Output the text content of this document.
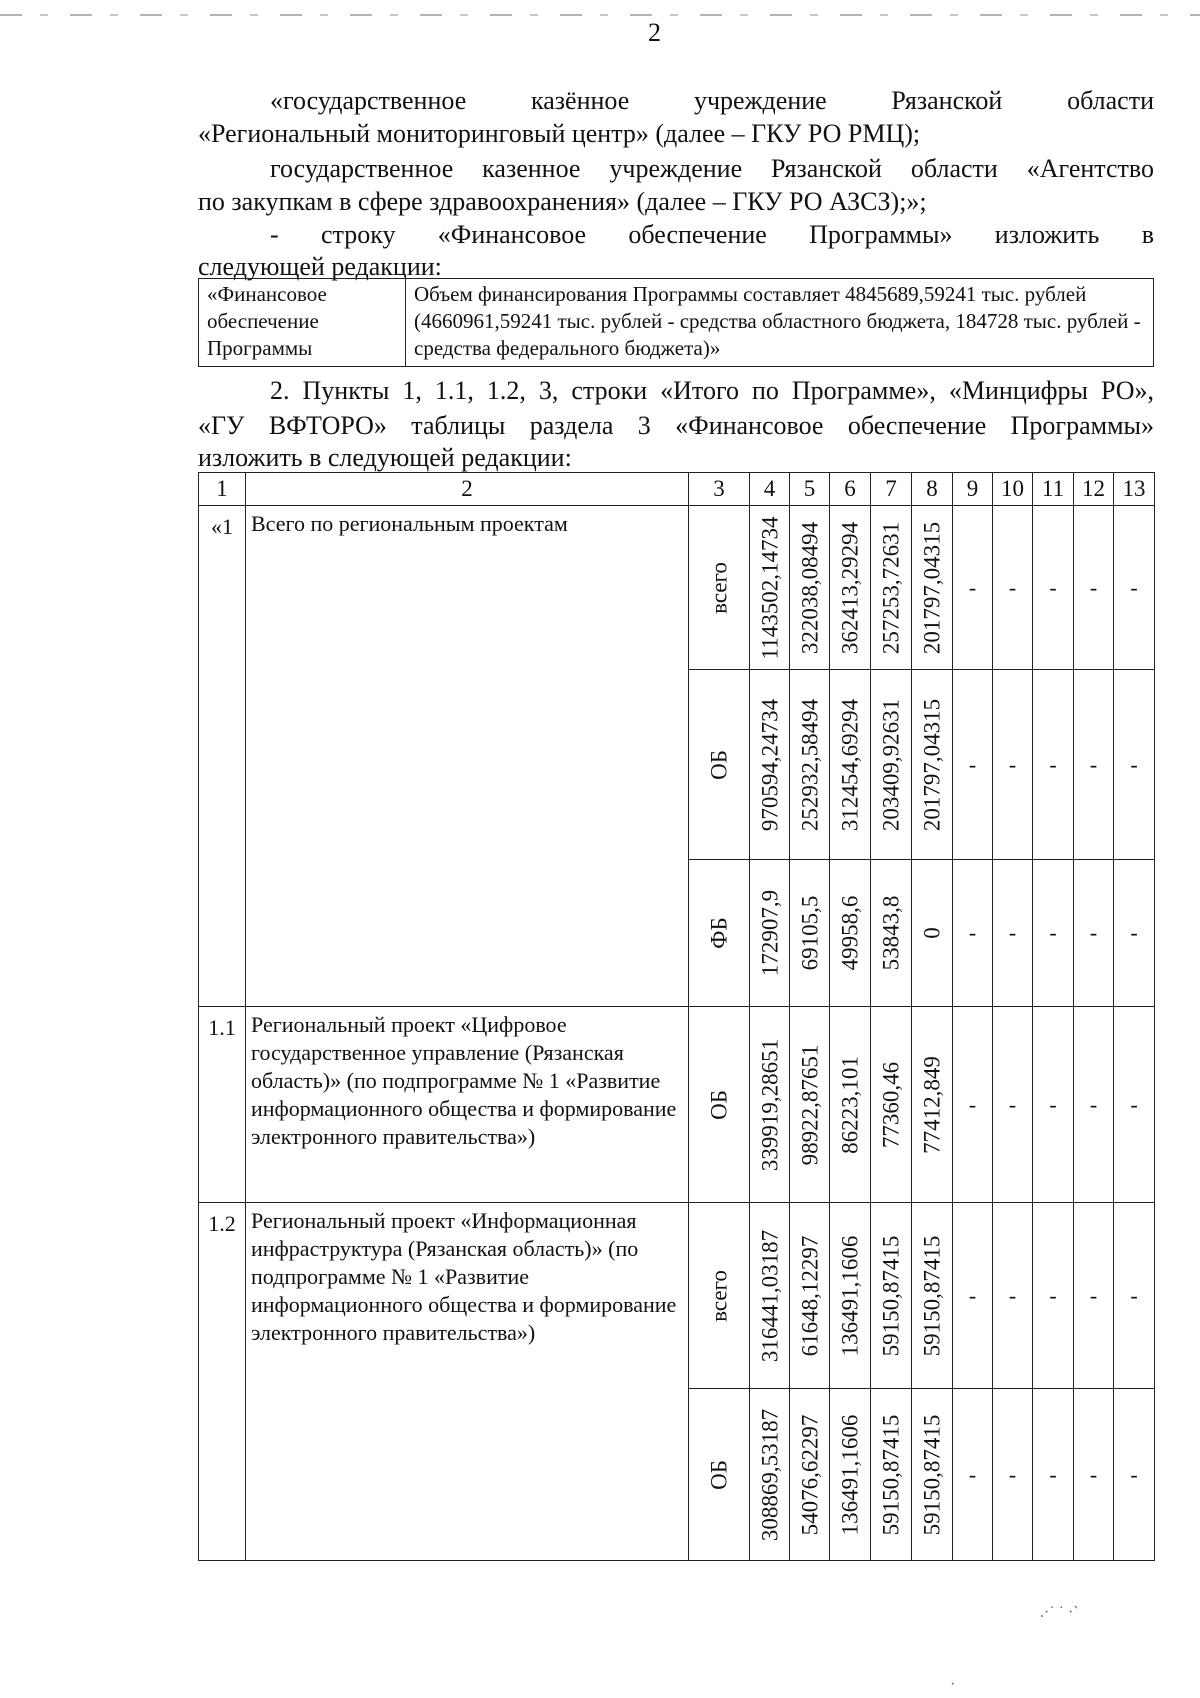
2
«государственное казённое учреждение Рязанской области
«Региональный мониторинговый центр» (далее – ГКУ РО РМЦ);
государственное казенное учреждение Рязанской области «Агентство
по закупкам в сфере здравоохранения» (далее – ГКУ РО АЗСЗ);»;
- строку «Финансовое обеспечение Программы» изложить в
следующей редакции:
«Финансовое обеспечение Программы	Объем финансирования Программы составляет 4845689,59241 тыс. рублей (4660961,59241 тыс. рублей - средства областного бюджета, 184728 тыс. рублей - средства федерального бюджета)»
2. Пункты 1, 1.1, 1.2, 3, строки «Итого по Программе», «Минцифры РО»,
«ГУ ВФТОРО» таблицы раздела 3 «Финансовое обеспечение Программы»
изложить в следующей редакции:
1	2	3	4	5	6	7	8	9	10	11	12	13
«1	Всего по региональным проектам	всего	1143502,14734	322038,08494	362413,29294	257253,72631	201797,04315	-	-	-	-	-

		ОБ	970594,24734	252932,58494	312454,69294	203409,92631	201797,04315	-	-	-	-	-

		ФБ	172907,9	69105,5	49958,6	53843,8	0	-	-	-	-	-
1.1	Региональный проект «Цифровое государственное управление (Рязанская область)» (по подпрограмме № 1 «Развитие информационного общества и формирование электронного правительства»)	ОБ	339919,28651	98922,87651	86223,101	77360,46	77412,849	-	-	-	-	-
1.2	Региональный проект «Информационная инфраструктура (Рязанская область)» (по подпрограмме № 1 «Развитие информационного общества и формирование электронного правительства»)	всего	316441,03187	61648,12297	136491,1606	59150,87415	59150,87415	-	-	-	-	-

		ОБ	308869,53187	54076,62297	136491,1606	59150,87415	59150,87415	-	-	-	-	-
.·˙ ˙ ·`
·
